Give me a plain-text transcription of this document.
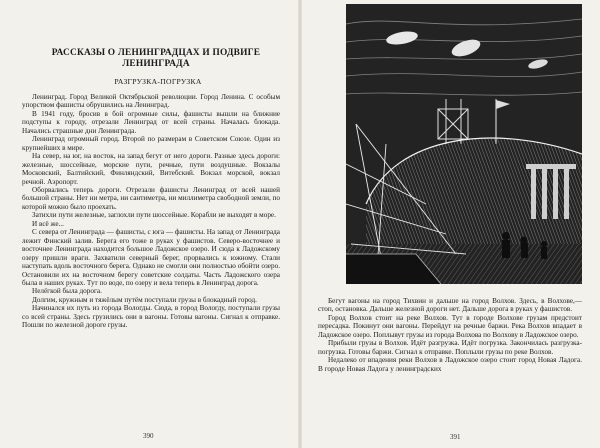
РАССКАЗЫ О ЛЕНИНГРАДЦАХ И ПОДВИГЕ ЛЕНИНГРАДА
РАЗГРУЗКА-ПОГРУЗКА

Ленинград. Город Великой Октябрьской революции. Город Ленина. С особым упорством фашисты обрушились на Ленинград.

В 1941 году, бросив в бой огромные силы, фашисты вышли на ближние подступы к городу, отрезали Ленинград от всей страны. Началась блокада. Начались страшные дни Ленинграда.

Ленинград огромный город. Второй по размерам в Советском Союзе. Один из крупнейших в мире.

На север, на юг, на восток, на запад бегут от него дороги. Разные здесь дороги: железные, шоссейные, морские пути, речные, пути воздушные. Вокзалы Московский, Балтийский, Финляндский, Витебский. Вокзал морской, вокзал речной. Аэропорт.

Оборвались теперь дороги. Отрезали фашисты Ленинград от всей нашей большой страны. Нет ни метра, ни сантиметра, ни миллиметра свободной земли, по которой можно было проехать.

Затихли пути железные, заглохли пути шоссейные. Корабли не выходят в море.

И всё же...

С севера от Ленинграда — фашисты, с юга — фашисты. На запад от Ленинграда лежит Финский залив. Берега его тоже в руках у фашистов. Северо-восточнее и восточнее Ленинграда находится большое Ладожское озеро. И сюда к Ладожскому озеру пришли враги. Захватили северный берег, прорвались к южному. Стали наступать вдоль восточного берега. Однако не смогли они полностью обойти озеро. Остановили их на восточном берегу советские солдаты. Часть Ладожского озера была в наших руках. Тут по воде, по озеру и вела теперь в Ленинград дорога.

Нелёгкой была дорога.

Долгим, кружным и тяжёлым путём поступали грузы в блокадный город.

Начинался их путь из города Вологды. Сюда, в город Вологду, поступали грузы со всей страны. Здесь грузились они в вагоны. Готовы вагоны. Сигнал к отправке. Пошли по железной дороге грузы.

390

Бегут вагоны на город Тихвин и дальше на город Волхов. Здесь, в Волхове,— стоп, остановка. Дальше железной дороги нет. Дальше дорога в руках у фашистов.

Город Волхов стоит на реке Волхов. Тут в городе Волхове грузам предстоит пересадка. Покинут они вагоны. Перейдут на речные баржи. Река Волхов впадает в Ладожское озеро. Поплывут грузы из города Волхова по Волхову в Ладожское озеро.

Прибыли грузы в Волхов. Идёт разгрузка. Идёт погрузка. Закончилась разгрузка-погрузка. Готовы баржи. Сигнал к отправке. Поплыли грузы по реке Волхов.

Недалеко от впадения реки Волхов в Ладожское озеро стоит город Новая Ладога. В городе Новая Ладога у ленинградских

391
